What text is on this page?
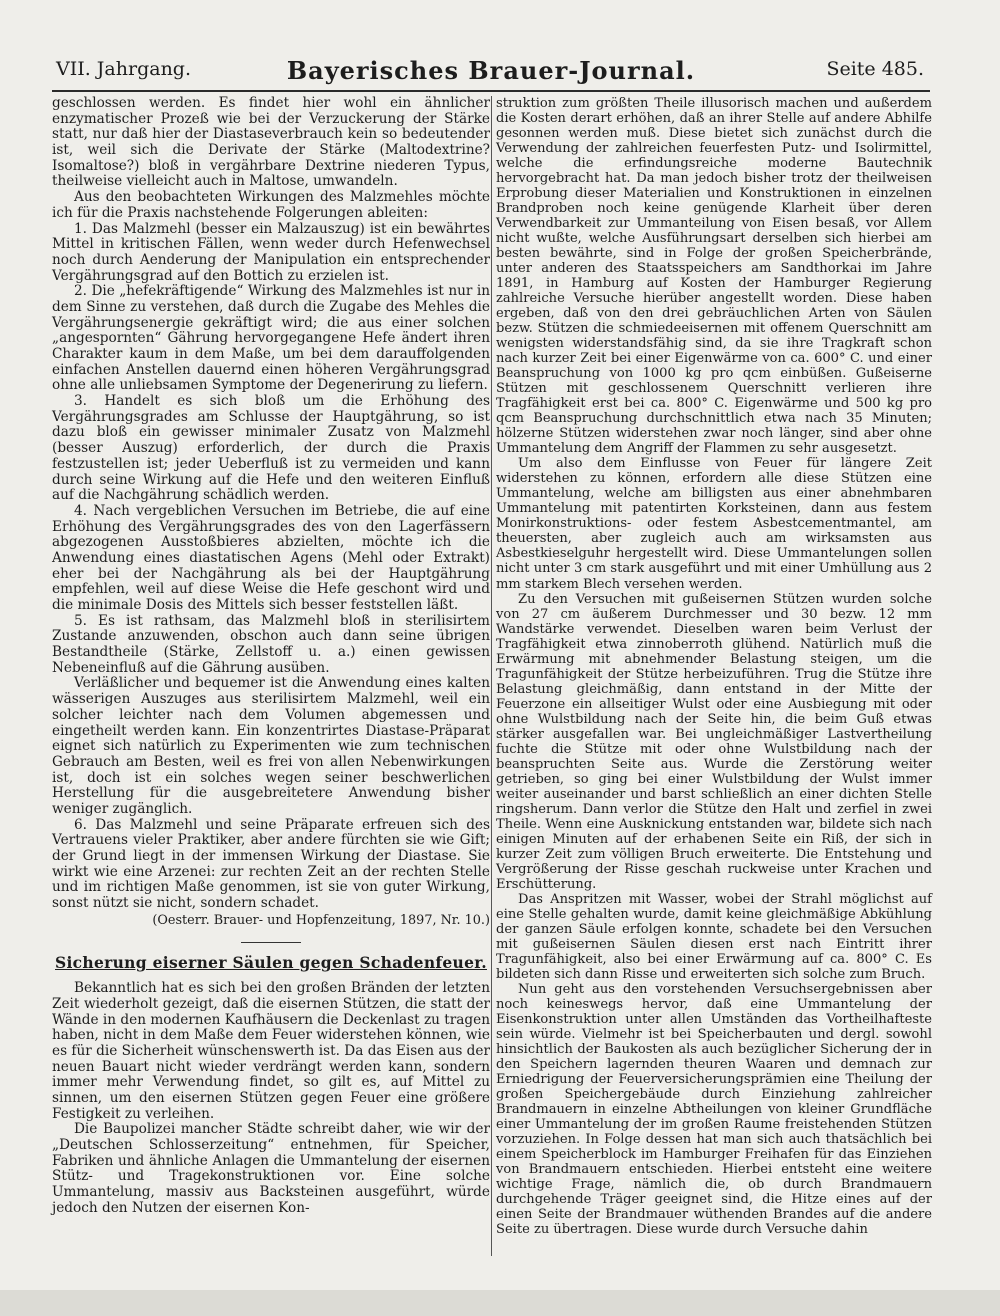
VII. Jahrgang.	Bayerisches Brauer-Journal.	Seite 485.

geschlossen werden. Es findet hier wohl ein ähnlicher enzymatischer Prozeß wie bei der Verzuckerung der Stärke statt, nur daß hier der Diastaseverbrauch kein so bedeutender ist, weil sich die Derivate der Stärke (Maltodextrine? Isomaltose?) bloß in vergährbare Dextrine niederen Typus, theilweise vielleicht auch in Maltose, umwandeln.

Aus den beobachteten Wirkungen des Malzmehles möchte ich für die Praxis nachstehende Folgerungen ableiten:

1. Das Malzmehl (besser ein Malzauszug) ist ein bewährtes Mittel in kritischen Fällen, wenn weder durch Hefenwechsel noch durch Aenderung der Manipulation ein entsprechender Vergährungsgrad auf den Bottich zu erzielen ist.

2. Die „hefekräftigende“ Wirkung des Malzmehles ist nur in dem Sinne zu verstehen, daß durch die Zugabe des Mehles die Vergährungsenergie gekräftigt wird; die aus einer solchen „angespornten“ Gährung hervorgegangene Hefe ändert ihren Charakter kaum in dem Maße, um bei dem darauffolgenden einfachen Anstellen dauernd einen höheren Vergährungsgrad ohne alle unliebsamen Symptome der Degenerirung zu liefern.

3. Handelt es sich bloß um die Erhöhung des Vergährungsgrades am Schlusse der Hauptgährung, so ist dazu bloß ein gewisser minimaler Zusatz von Malzmehl (besser Auszug) erforderlich, der durch die Praxis festzustellen ist; jeder Ueberfluß ist zu vermeiden und kann durch seine Wirkung auf die Hefe und den weiteren Einfluß auf die Nachgährung schädlich werden.

4. Nach vergeblichen Versuchen im Betriebe, die auf eine Erhöhung des Vergährungsgrades des von den Lagerfässern abgezogenen Ausstoßbieres abzielten, möchte ich die Anwendung eines diastatischen Agens (Mehl oder Extrakt) eher bei der Nachgährung als bei der Hauptgährung empfehlen, weil auf diese Weise die Hefe geschont wird und die minimale Dosis des Mittels sich besser feststellen läßt.

5. Es ist rathsam, das Malzmehl bloß in sterilisirtem Zustande anzuwenden, obschon auch dann seine übrigen Bestandtheile (Stärke, Zellstoff u. a.) einen gewissen Nebeneinfluß auf die Gährung ausüben.

Verläßlicher und bequemer ist die Anwendung eines kalten wässerigen Auszuges aus sterilisirtem Malzmehl, weil ein solcher leichter nach dem Volumen abgemessen und eingetheilt werden kann. Ein konzentrirtes Diastase-Präparat eignet sich natürlich zu Experimenten wie zum technischen Gebrauch am Besten, weil es frei von allen Nebenwirkungen ist, doch ist ein solches wegen seiner beschwerlichen Herstellung für die ausgebreitetere Anwendung bisher weniger zugänglich.

6. Das Malzmehl und seine Präparate erfreuen sich des Vertrauens vieler Praktiker, aber andere fürchten sie wie Gift; der Grund liegt in der immensen Wirkung der Diastase. Sie wirkt wie eine Arzenei: zur rechten Zeit an der rechten Stelle und im richtigen Maße genommen, ist sie von guter Wirkung, sonst nützt sie nicht, sondern schadet.

(Oesterr. Brauer- und Hopfenzeitung, 1897, Nr. 10.)

Sicherung eiserner Säulen gegen Schadenfeuer.

Bekanntlich hat es sich bei den großen Bränden der letzten Zeit wiederholt gezeigt, daß die eisernen Stützen, die statt der Wände in den modernen Kaufhäusern die Deckenlast zu tragen haben, nicht in dem Maße dem Feuer widerstehen können, wie es für die Sicherheit wünschenswerth ist. Da das Eisen aus der neuen Bauart nicht wieder verdrängt werden kann, sondern immer mehr Verwendung findet, so gilt es, auf Mittel zu sinnen, um den eisernen Stützen gegen Feuer eine größere Festigkeit zu verleihen.

Die Baupolizei mancher Städte schreibt daher, wie wir der „Deutschen Schlosserzeitung“ entnehmen, für Speicher, Fabriken und ähnliche Anlagen die Ummantelung der eisernen Stütz- und Tragekonstruktionen vor. Eine solche Ummantelung, massiv aus Backsteinen ausgeführt, würde jedoch den Nutzen der eisernen Kon-

struktion zum größten Theile illusorisch machen und außerdem die Kosten derart erhöhen, daß an ihrer Stelle auf andere Abhilfe gesonnen werden muß. Diese bietet sich zunächst durch die Verwendung der zahlreichen feuerfesten Putz- und Isolirmittel, welche die erfindungsreiche moderne Bautechnik hervorgebracht hat. Da man jedoch bisher trotz der theilweisen Erprobung dieser Materialien und Konstruktionen in einzelnen Brandproben noch keine genügende Klarheit über deren Verwendbarkeit zur Ummanteilung von Eisen besaß, vor Allem nicht wußte, welche Ausführungsart derselben sich hierbei am besten bewährte, sind in Folge der großen Speicherbrände, unter anderen des Staatsspeichers am Sandthorkai im Jahre 1891, in Hamburg auf Kosten der Hamburger Regierung zahlreiche Versuche hierüber angestellt worden. Diese haben ergeben, daß von den drei gebräuchlichen Arten von Säulen bezw. Stützen die schmiedeeisernen mit offenem Querschnitt am wenigsten widerstandsfähig sind, da sie ihre Tragkraft schon nach kurzer Zeit bei einer Eigenwärme von ca. 600° C. und einer Beanspruchung von 1000 kg pro qcm einbüßen. Gußeiserne Stützen mit geschlossenem Querschnitt verlieren ihre Tragfähigkeit erst bei ca. 800° C. Eigenwärme und 500 kg pro qcm Beanspruchung durchschnittlich etwa nach 35 Minuten; hölzerne Stützen widerstehen zwar noch länger, sind aber ohne Ummantelung dem Angriff der Flammen zu sehr ausgesetzt.

Um also dem Einflusse von Feuer für längere Zeit widerstehen zu können, erfordern alle diese Stützen eine Ummantelung, welche am billigsten aus einer abnehmbaren Ummantelung mit patentirten Korksteinen, dann aus festem Monirkonstruktions- oder festem Asbestcementmantel, am theuersten, aber zugleich auch am wirksamsten aus Asbestkieselguhr hergestellt wird. Diese Ummantelungen sollen nicht unter 3 cm stark ausgeführt und mit einer Umhüllung aus 2 mm starkem Blech versehen werden.

Zu den Versuchen mit gußeisernen Stützen wurden solche von 27 cm äußerem Durchmesser und 30 bezw. 12 mm Wandstärke verwendet. Dieselben waren beim Verlust der Tragfähigkeit etwa zinnoberroth glühend. Natürlich muß die Erwärmung mit abnehmender Belastung steigen, um die Tragunfähigkeit der Stütze herbeizuführen. Trug die Stütze ihre Belastung gleichmäßig, dann entstand in der Mitte der Feuerzone ein allseitiger Wulst oder eine Ausbiegung mit oder ohne Wulstbildung nach der Seite hin, die beim Guß etwas stärker ausgefallen war. Bei ungleichmäßiger Lastvertheilung fuchte die Stütze mit oder ohne Wulstbildung nach der beanspruchten Seite aus. Wurde die Zerstörung weiter getrieben, so ging bei einer Wulstbildung der Wulst immer weiter auseinander und barst schließlich an einer dichten Stelle ringsherum. Dann verlor die Stütze den Halt und zerfiel in zwei Theile. Wenn eine Ausknickung entstanden war, bildete sich nach einigen Minuten auf der erhabenen Seite ein Riß, der sich in kurzer Zeit zum völligen Bruch erweiterte. Die Entstehung und Vergrößerung der Risse geschah ruckweise unter Krachen und Erschütterung.

Das Anspritzen mit Wasser, wobei der Strahl möglichst auf eine Stelle gehalten wurde, damit keine gleichmäßige Abkühlung der ganzen Säule erfolgen konnte, schadete bei den Versuchen mit gußeisernen Säulen diesen erst nach Eintritt ihrer Tragunfähigkeit, also bei einer Erwärmung auf ca. 800° C. Es bildeten sich dann Risse und erweiterten sich solche zum Bruch.

Nun geht aus den vorstehenden Versuchsergebnissen aber noch keineswegs hervor, daß eine Ummantelung der Eisenkonstruktion unter allen Umständen das Vortheilhafteste sein würde. Vielmehr ist bei Speicherbauten und dergl. sowohl hinsichtlich der Baukosten als auch bezüglicher Sicherung der in den Speichern lagernden theuren Waaren und demnach zur Erniedrigung der Feuerversicherungsprämien eine Theilung der großen Speichergebäude durch Einziehung zahlreicher Brandmauern in einzelne Abtheilungen von kleiner Grundfläche einer Ummantelung der im großen Raume freistehenden Stützen vorzuziehen. In Folge dessen hat man sich auch thatsächlich bei einem Speicherblock im Hamburger Freihafen für das Einziehen von Brandmauern entschieden. Hierbei entsteht eine weitere wichtige Frage, nämlich die, ob durch Brandmauern durchgehende Träger geeignet sind, die Hitze eines auf der einen Seite der Brandmauer wüthenden Brandes auf die andere Seite zu übertragen. Diese wurde durch Versuche dahin
